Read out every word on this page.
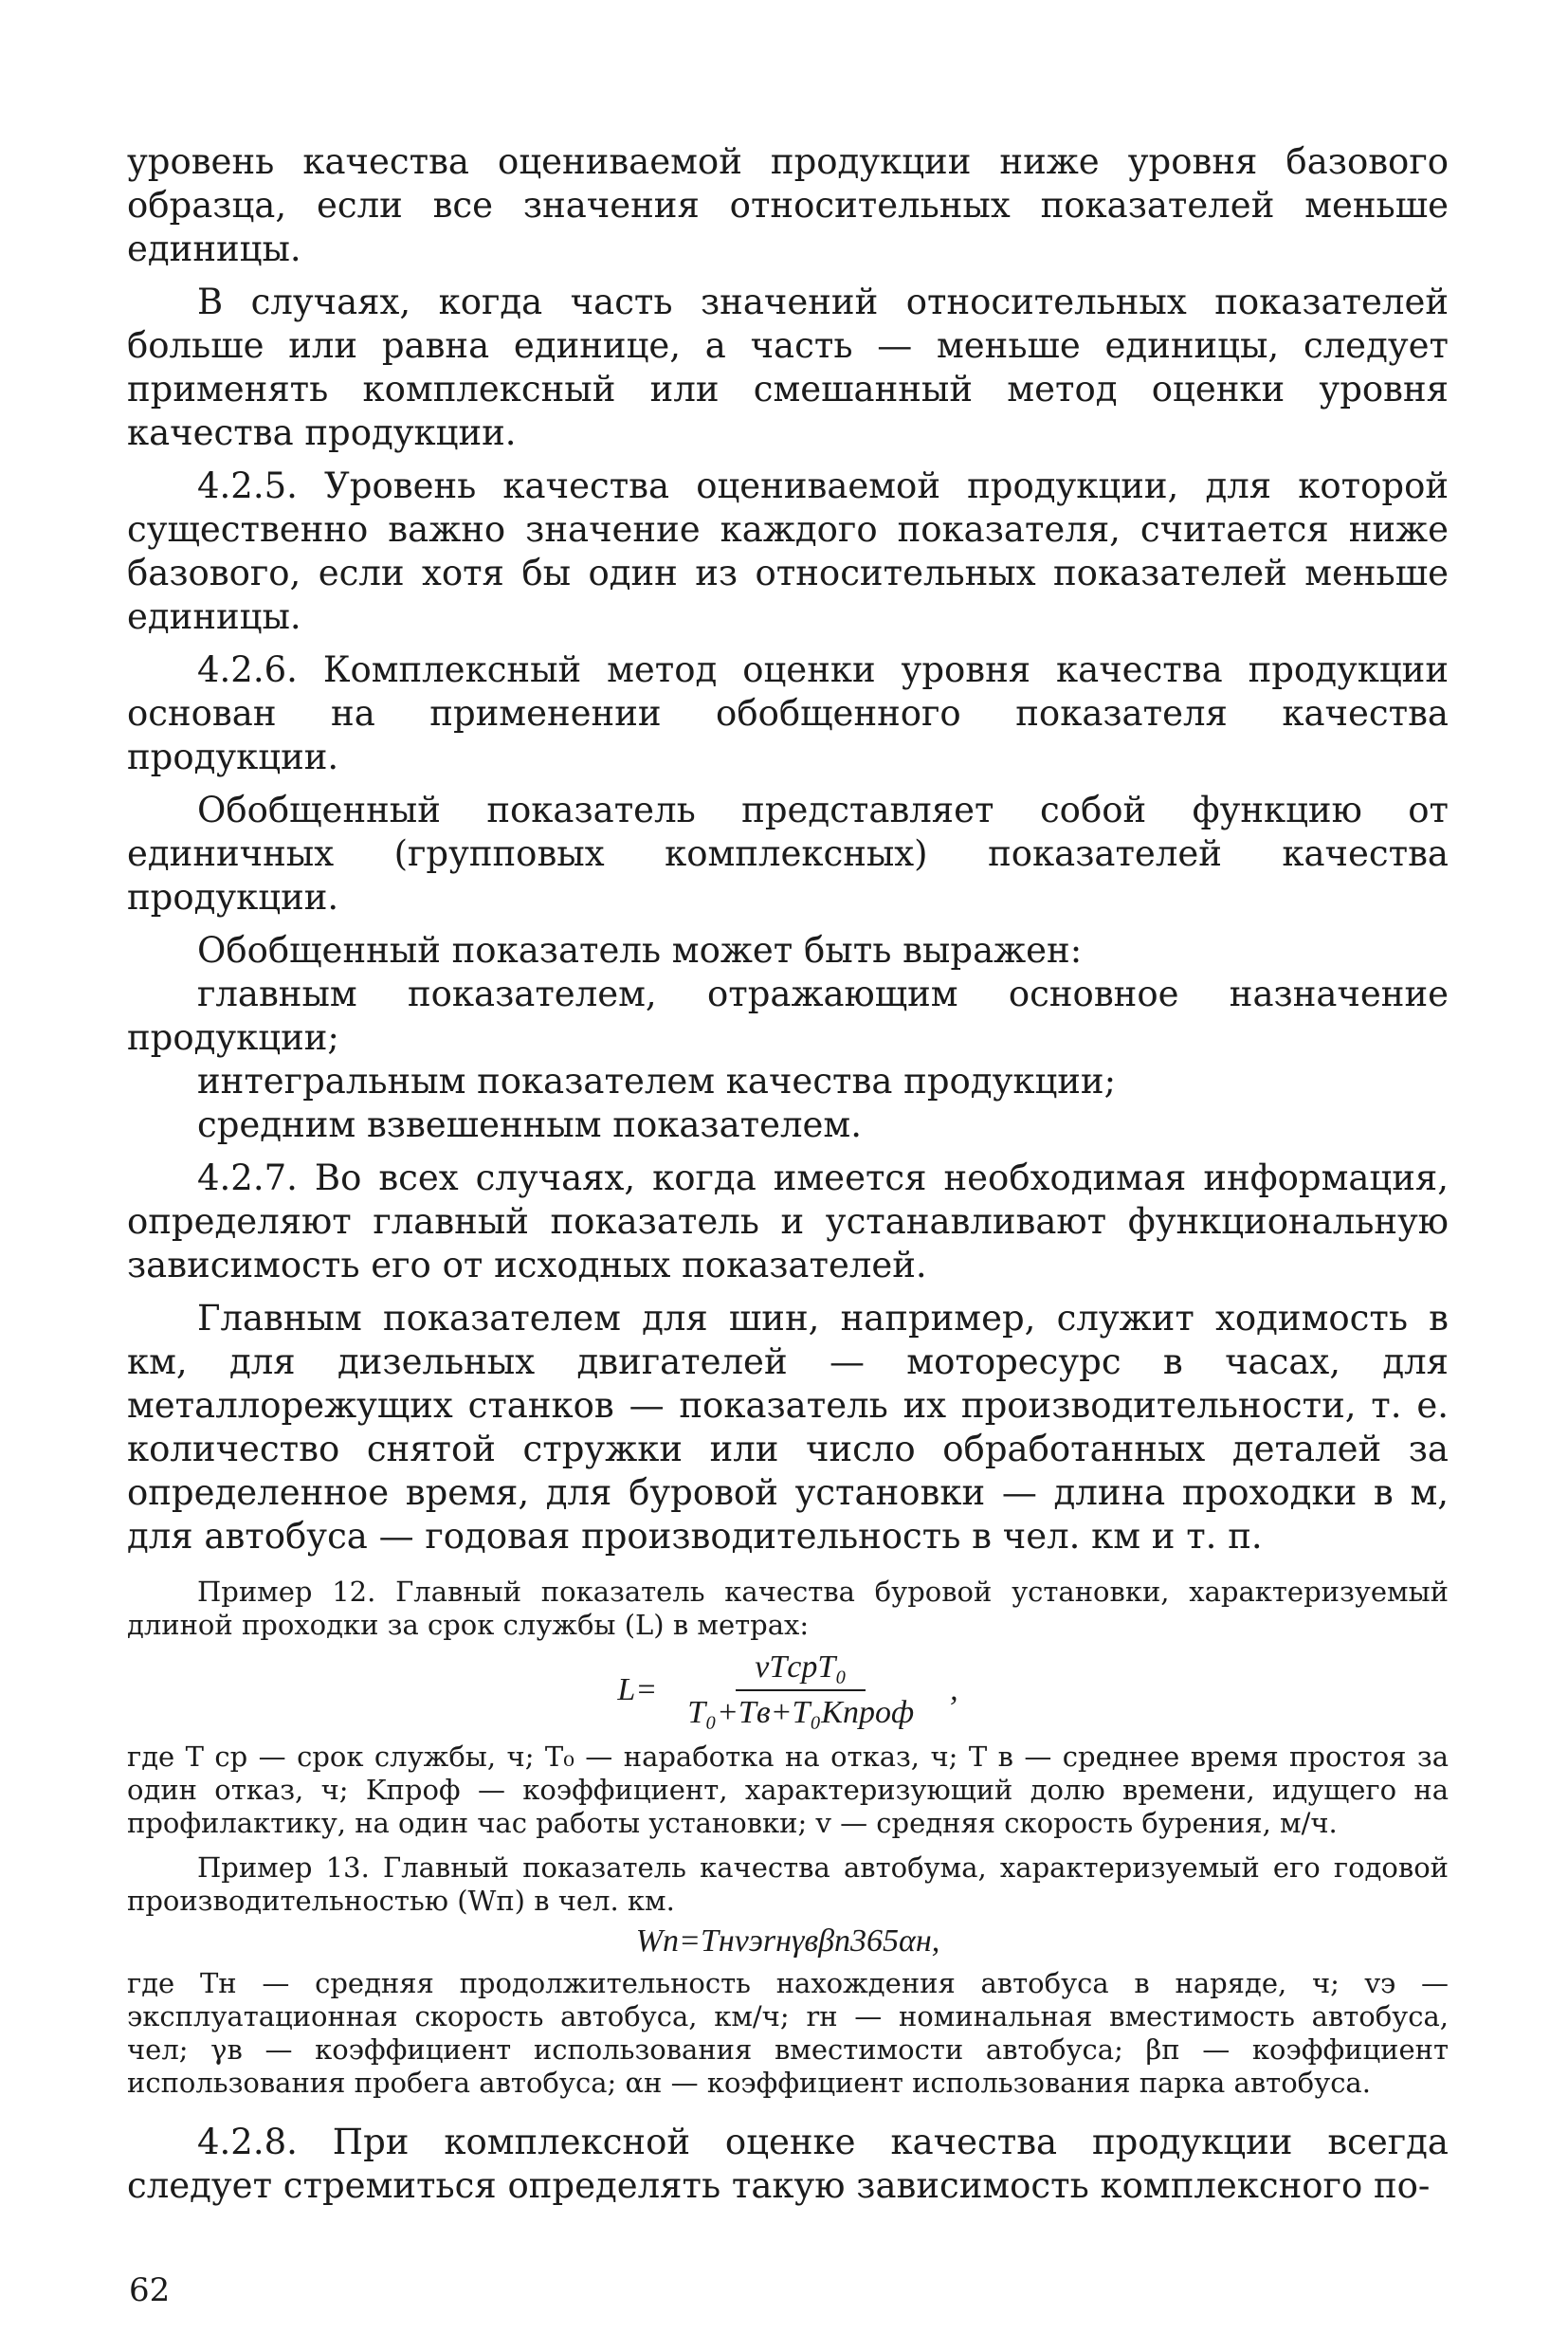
уровень качества оцениваемой продукции ниже уровня базового образца, если все значения относительных показателей меньше единицы.

В случаях, когда часть значений относительных показателей больше или равна единице, а часть — меньше единицы, следует применять комплексный или смешанный метод оценки уровня качества продукции.

4.2.5. Уровень качества оцениваемой продукции, для которой существенно важно значение каждого показателя, считается ниже базового, если хотя бы один из относительных показателей меньше единицы.

4.2.6. Комплексный метод оценки уровня качества продукции основан на применении обобщенного показателя качества продукции.

Обобщенный показатель представляет собой функцию от единичных (групповых комплексных) показателей качества продукции.

Обобщенный показатель может быть выражен:

главным показателем, отражающим основное назначение продукции;

интегральным показателем качества продукции;

средним взвешенным показателем.

4.2.7. Во всех случаях, когда имеется необходимая информация, определяют главный показатель и устанавливают функциональную зависимость его от исходных показателей.

Главным показателем для шин, например, служит ходимость в км, для дизельных двигателей — моторесурс в часах, для металлорежущих станков — показатель их производительности, т. е. количество снятой стружки или число обработанных деталей за определенное время, для буровой установки — длина проходки в м, для автобуса — годовая производительность в чел. км и т. п.

Пример 12. Главный показатель качества буровой установки, характеризуемый длиной проходки за срок службы (L) в метрах:

$L= \frac{\text{vTсрT₀}}{\text{T₀+Tв+T₀Kпроф}}$ ,

где T ср — срок службы, ч; T₀ — наработка на отказ, ч; T в — среднее время простоя за один отказ, ч; Kпроф — коэффициент, характеризующий долю времени, идущего на профилактику, на один час работы установки; v — средняя скорость бурения, м/ч.

Пример 13. Главный показатель качества автобума, характеризуемый его годовой производительностью (Wп) в чел. км.

Wп=Tнvэrнγвβп365αн,

где Tн — средняя продолжительность нахождения автобуса в наряде, ч; vэ — эксплуатационная скорость автобуса, км/ч; rн — номинальная вместимость автобуса, чел; γв — коэффициент использования вместимости автобуса; βп — коэффициент использования пробега автобуса; αн — коэффициент использования парка автобуса.

4.2.8. При комплексной оценке качества продукции всегда следует стремиться определять такую зависимость комплексного по-

62
